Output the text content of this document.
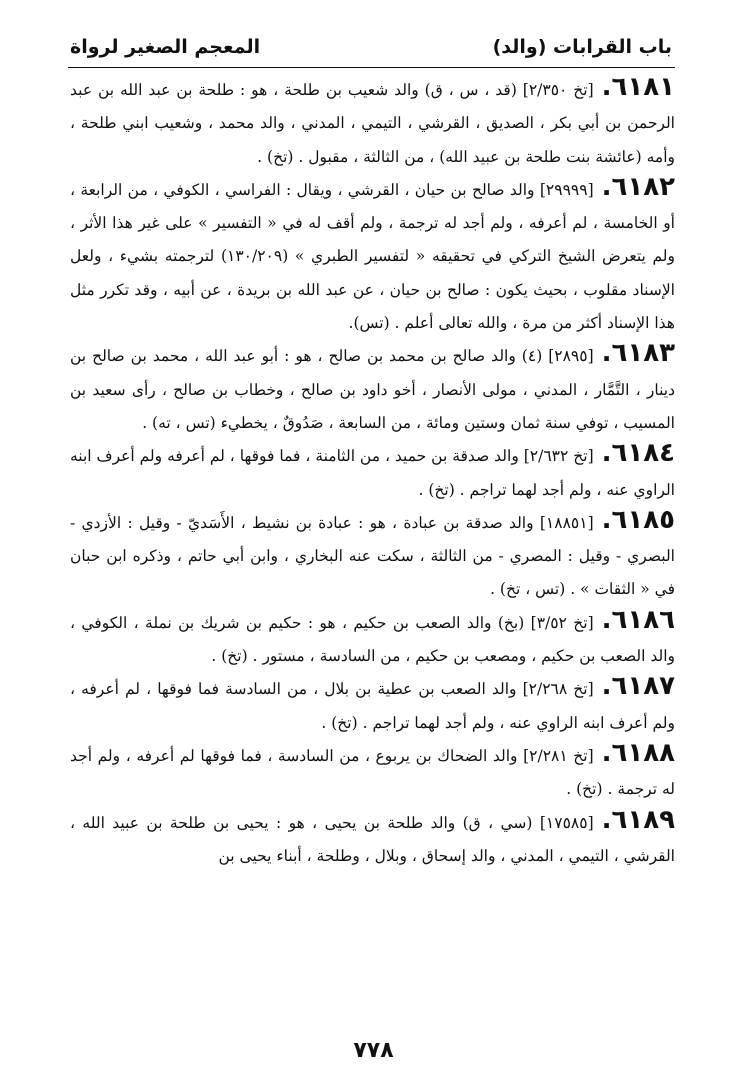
باب القرابات (والد)
المعجم الصغير لرواة

٦١٨١.[تخ ٢/٣٥٠] (قد ، س ، ق) والد شعيب بن طلحة ، هو : طلحة بن عبد الله بن عبد الرحمن بن أبي بكر ، الصديق ، القرشي ، التيمي ، المدني ، والد محمد ، وشعيب ابني طلحة ، وأمه (عائشة بنت طلحة بن عبيد الله) ، من الثالثة ، مقبول . (تخ) .

٦١٨٢.[٢٩٩٩٩] والد صالح بن حيان ، القرشي ، ويقال : الفراسي ، الكوفي ، من الرابعة ، أو الخامسة ، لم أعرفه ، ولم أجد له ترجمة ، ولم أقف له في « التفسير » على غير هذا الأثر ، ولم يتعرض الشيخ التركي في تحقيقه « لتفسير الطبري » (١٣٠/٢٠٩) لترجمته بشيء ، ولعل الإسناد مقلوب ، بحيث يكون : صالح بن حيان ، عن عبد الله بن بريدة ، عن أبيه ، وقد تكرر مثل هذا الإسناد أكثر من مرة ، والله تعالى أعلم . (تس).

٦١٨٣.[٢٨٩٥] (٤) والد صالح بن محمد بن صالح ، هو : أبو عبد الله ، محمد بن صالح بن دينار ، التَّمَّار ، المدني ، مولى الأنصار ، أخو داود بن صالح ، وخطاب بن صالح ، رأى سعيد بن المسيب ، توفي سنة ثمان وستين ومائة ، من السابعة ، صَدُوقٌ ، يخطيء (تس ، ته) .

٦١٨٤.[تخ ٢/٦٣٢] والد صدقة بن حميد ، من الثامنة ، فما فوقها ، لم أعرفه ولم أعرف ابنه الراوي عنه ، ولم أجد لهما تراجم . (تخ) .

٦١٨٥.[١٨٨٥١] والد صدقة بن عبادة ، هو : عبادة بن نشيط ، الأَسَديّ - وقيل : الأزدي - البصري - وقيل : المصري - من الثالثة ، سكت عنه البخاري ، وابن أبي حاتم ، وذكره ابن حبان في « الثقات » . (تس ، تخ) .

٦١٨٦.[تخ ٣/٥٢] (بخ) والد الصعب بن حكيم ، هو : حكيم بن شريك بن نملة ، الكوفي ، والد الصعب بن حكيم ، ومصعب بن حكيم ، من السادسة ، مستور . (تخ) .

٦١٨٧.[تخ ٢/٢٦٨] والد الصعب بن عطية بن بلال ، من السادسة فما فوقها ، لم أعرفه ، ولم أعرف ابنه الراوي عنه ، ولم أجد لهما تراجم . (تخ) .

٦١٨٨.[تخ ٢/٢٨١] والد الضحاك بن يربوع ، من السادسة ، فما فوقها لم أعرفه ، ولم أجد له ترجمة . (تخ) .

٦١٨٩.[١٧٥٨٥] (سي ، ق) والد طلحة بن يحيى ، هو : يحيى بن طلحة بن عبيد الله ، القرشي ، التيمي ، المدني ، والد إسحاق ، وبلال ، وطلحة ، أبناء يحيى بن

٧٧٨
